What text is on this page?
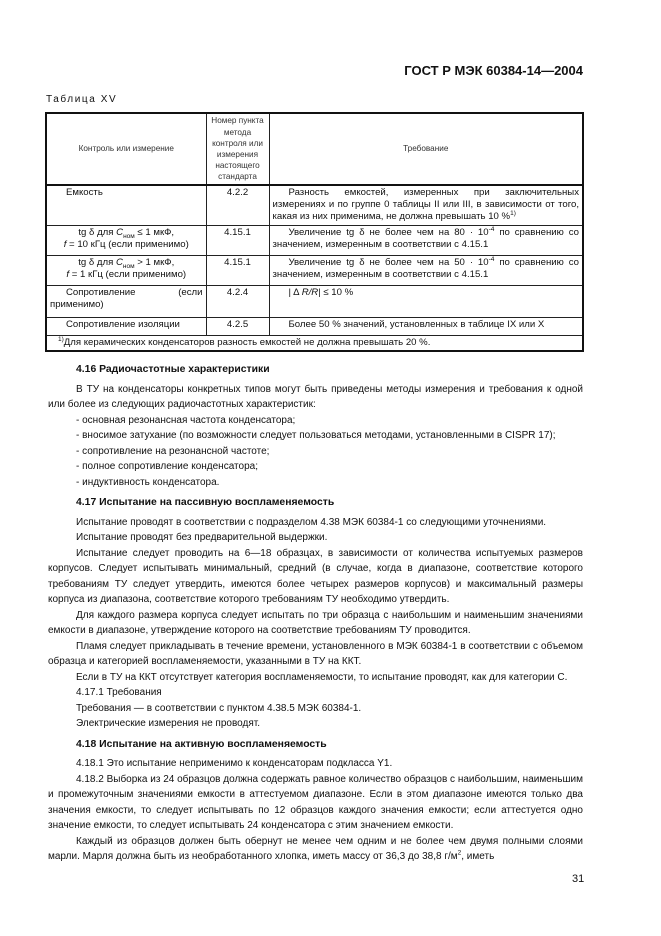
ГОСТ Р МЭК 60384-14—2004
Таблица XV
Контроль или измерение	Номер пункта метода контроля или измерения настоящего стандарта	Требование
Емкость	4.2.2	Разность емкостей, измеренных при заключительных измерениях и по группе 0 таблицы II или III, в зависимости от того, какая из них применима, не должна превышать 10 %$^{1)}$
tg δ для $C_{ном} \le 1$ мкФ,
f = 10 кГц (если применимо)	4.15.1	Увеличение tg δ не более чем на $80 \cdot 10^{-4}$ по сравнению со значением, измеренным в соответствии с 4.15.1
tg δ для $C_{ном} > 1$ мкФ,
f = 1 кГц (если применимо)	4.15.1	Увеличение tg δ не более чем на $50 \cdot 10^{-4}$ по сравнению со значением, измеренным в соответствии с 4.15.1
Сопротивление (если применимо)	4.2.4	| Δ R/R| ≤ 10 %
Сопротивление изоляции	4.2.5	Более 50 % значений, установленных в таблице IX или X
$^{1)}$Для керамических конденсаторов разность емкостей не должна превышать 20 %.		
4.16 Радиочастотные характеристики

В ТУ на конденсаторы конкретных типов могут быть приведены методы измерения и требования к одной или более из следующих радиочастотных характеристик:

- основная резонансная частота конденсатора;

- вносимое затухание (по возможности следует пользоваться методами, установленными в CISPR 17);

- сопротивление на резонансной частоте;

- полное сопротивление конденсатора;

- индуктивность конденсатора.

4.17 Испытание на пассивную воспламеняемость

Испытание проводят в соответствии с подразделом 4.38 МЭК 60384-1 со следующими уточнениями.

Испытание проводят без предварительной выдержки.

Испытание следует проводить на 6—18 образцах, в зависимости от количества испытуемых размеров корпусов. Следует испытывать минимальный, средний (в случае, когда в диапазоне, соответствие которого требованиям ТУ следует утвердить, имеются более четырех размеров корпусов) и максимальный размеры корпуса из диапазона, соответствие которого требованиям ТУ необходимо утвердить.

Для каждого размера корпуса следует испытать по три образца с наибольшим и наименьшим значениями емкости в диапазоне, утверждение которого на соответствие требованиям ТУ проводится.

Пламя следует прикладывать в течение времени, установленного в МЭК 60384-1 в соответствии с объемом образца и категорией воспламеняемости, указанными в ТУ на ККТ.

Если в ТУ на ККТ отсутствует категория воспламеняемости, то испытание проводят, как для категории C.

4.17.1 Требования

Требования — в соответствии с пунктом 4.38.5 МЭК 60384-1.

Электрические измерения не проводят.

4.18 Испытание на активную воспламеняемость

4.18.1 Это испытание неприменимо к конденсаторам подкласса Y1.

4.18.2 Выборка из 24 образцов должна содержать равное количество образцов с наибольшим, наименьшим и промежуточным значениями емкости в аттестуемом диапазоне. Если в этом диапазоне имеются только два значения емкости, то следует испытывать по 12 образцов каждого значения емкости; если аттестуется одно значение емкости, то следует испытывать 24 конденсатора с этим значением емкости.

Каждый из образцов должен быть обернут не менее чем одним и не более чем двумя полными слоями марли. Марля должна быть из необработанного хлопка, иметь массу от 36,3 до 38,8 $г/м^2$, иметь

31
